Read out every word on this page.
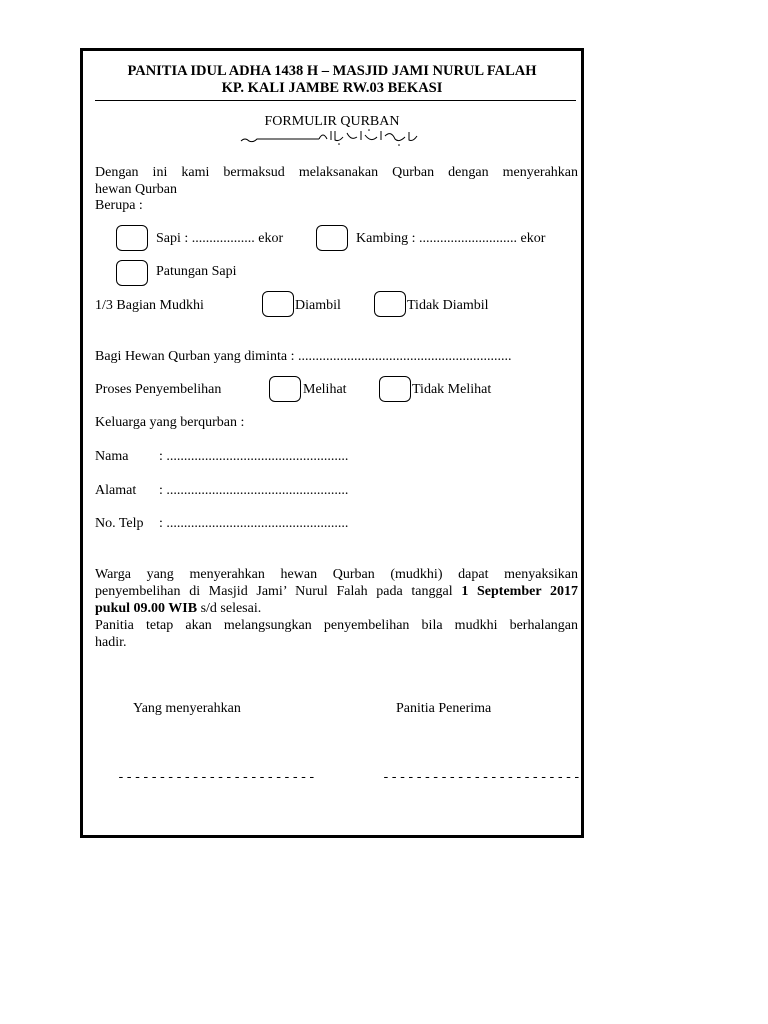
PANITIA IDUL ADHA 1438 H – MASJID JAMI NURUL FALAH
KP. KALI JAMBE RW.03 BEKASI
FORMULIR QURBAN
Dengan ini kami bermaksud melaksanakan Qurban dengan menyerahkan
hewan Qurban
Berupa :
Sapi : .................. ekor	Kambing : ............................ ekor
Patungan Sapi
1/3 Bagian Mudkhi	Diambil	Tidak Diambil
Bagi Hewan Qurban yang diminta : .............................................................
Proses Penyembelihan	Melihat	Tidak Melihat
Keluarga yang berqurban :
Nama : ....................................................
Alamat : ....................................................
No. Telp : ....................................................
Warga yang menyerahkan hewan Qurban (mudkhi) dapat menyaksikan
penyembelihan di Masjid Jami’ Nurul Falah pada tanggal 1 September 2017
pukul 09.00 WIB s/d selesai.
Panitia tetap akan melangsungkan penyembelihan bila mudkhi berhalangan
hadir.
Yang menyerahkan	Panitia Penerima
------------------------	------------------------
